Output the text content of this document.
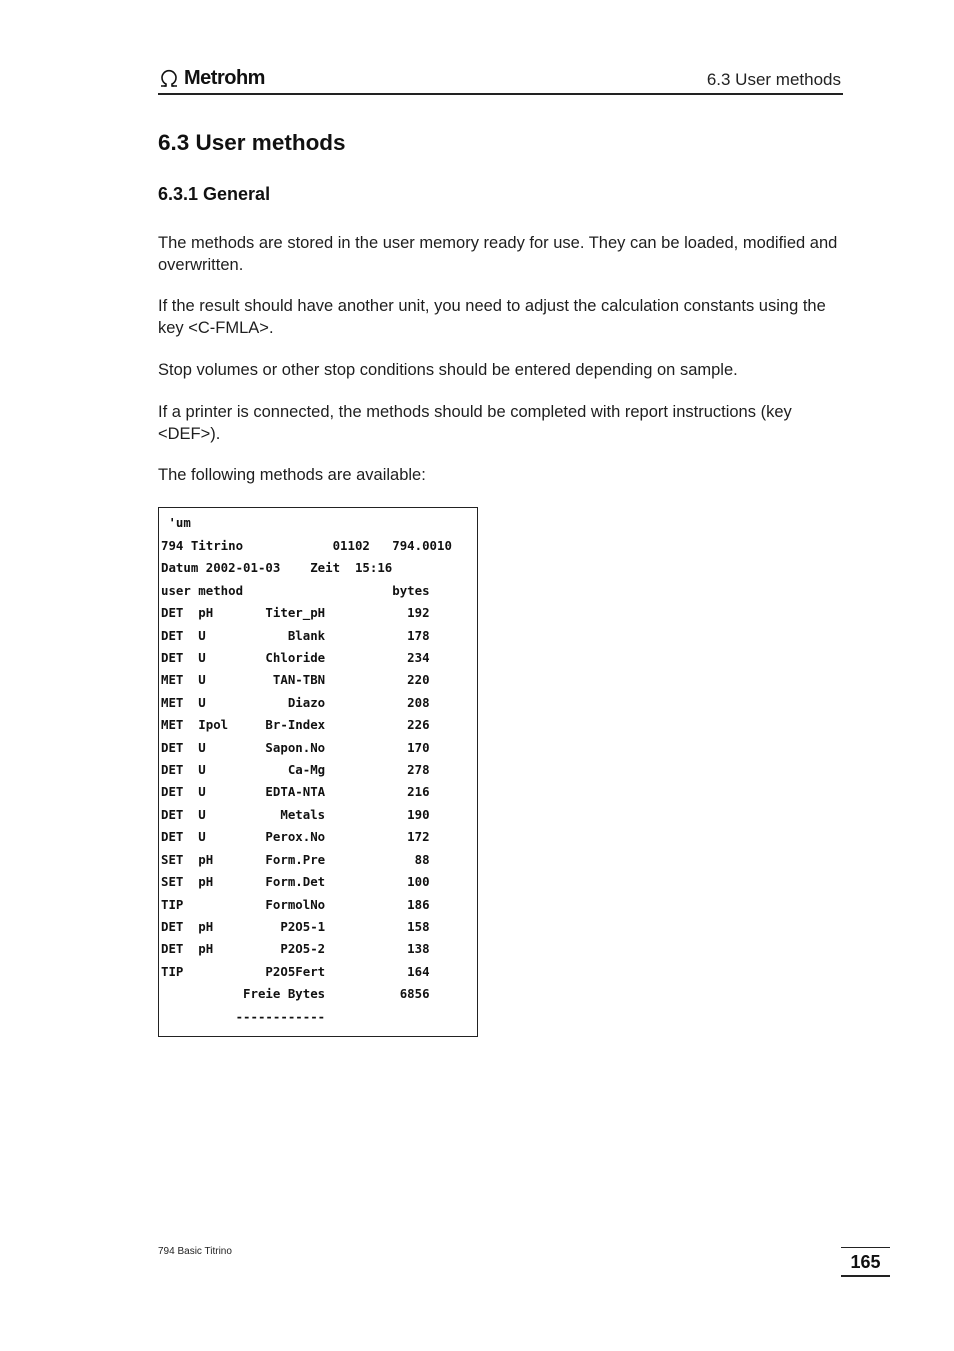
Metrohm	6.3 User methods
6.3 User methods
6.3.1 General
The methods are stored in the user memory ready for use. They can be loaded, modified and overwritten.
If the result should have another unit, you need to adjust the calculation constants using the key <C-FMLA>.
Stop volumes or other stop conditions should be entered depending on sample.
If a printer is connected, the methods should be completed with report instructions (key <DEF>).
The following methods are available:
'um
794 Titrino            01102   794.0010
Datum 2002-01-03    Zeit  15:16
user method                    bytes
DET  pH       Titer_pH           192
DET  U           Blank           178
DET  U        Chloride           234
MET  U         TAN-TBN           220
MET  U           Diazo           208
MET  Ipol     Br-Index           226
DET  U        Sapon.No           170
DET  U           Ca-Mg           278
DET  U        EDTA-NTA           216
DET  U          Metals           190
DET  U        Perox.No           172
SET  pH       Form.Pre            88
SET  pH       Form.Det           100
TIP           FormolNo           186
DET  pH         P2O5-1           158
DET  pH         P2O5-2           138
TIP           P2O5Fert           164
Freie Bytes          6856
------------
794 Basic Titrino
165
